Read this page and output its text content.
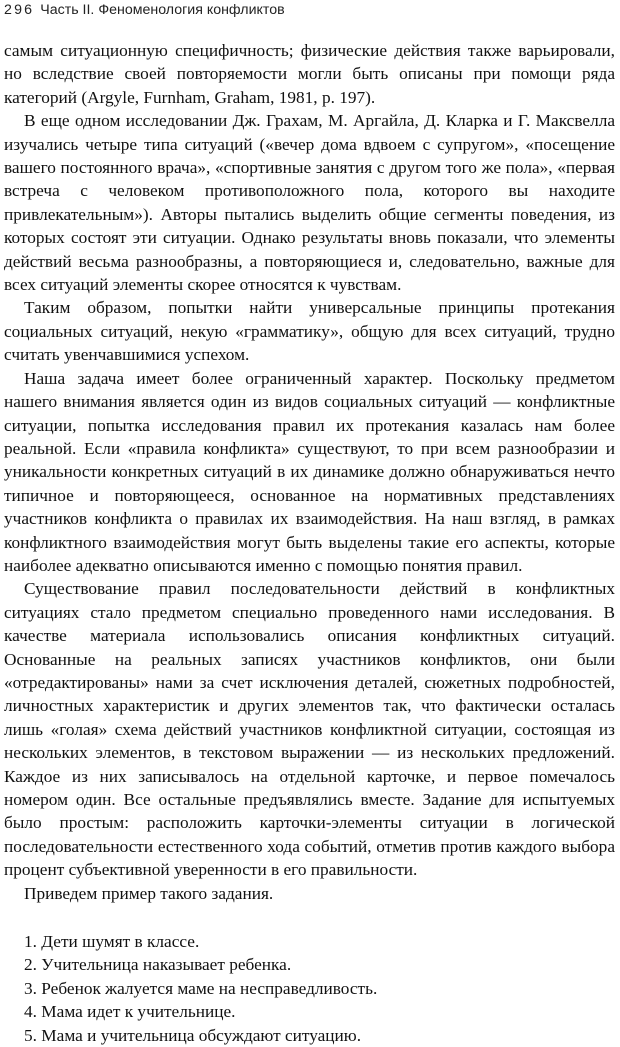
296 Часть II. Феноменология конфликтов

самым ситуационную специфичность; физические действия также варьировали, но вследствие своей повторяемости могли быть описаны при помощи ряда категорий (Argyle, Furnham, Graham, 1981, p. 197).

В еще одном исследовании Дж. Грахам, М. Аргайла, Д. Кларка и Г. Максвелла изучались четыре типа ситуаций («вечер дома вдвоем с супругом», «посещение вашего постоянного врача», «спортивные занятия с другом того же пола», «первая встреча с человеком противоположного пола, которого вы находите привлекательным»). Авторы пытались выделить общие сегменты поведения, из которых состоят эти ситуации. Однако результаты вновь показали, что элементы действий весьма разнообразны, а повторяющиеся и, следовательно, важные для всех ситуаций элементы скорее относятся к чувствам.

Таким образом, попытки найти универсальные принципы протекания социальных ситуаций, некую «грамматику», общую для всех ситуаций, трудно считать увенчавшимися успехом.

Наша задача имеет более ограниченный характер. Поскольку предметом нашего внимания является один из видов социальных ситуаций — конфликтные ситуации, попытка исследования правил их протекания казалась нам более реальной. Если «правила конфликта» существуют, то при всем разнообразии и уникальности конкретных ситуаций в их динамике должно обнаруживаться нечто типичное и повторяющееся, основанное на нормативных представлениях участников конфликта о правилах их взаимодействия. На наш взгляд, в рамках конфликтного взаимодействия могут быть выделены такие его аспекты, которые наиболее адекватно описываются именно с помощью понятия правил.

Существование правил последовательности действий в конфликтных ситуациях стало предметом специально проведенного нами исследования. В качестве материала использовались описания конфликтных ситуаций. Основанные на реальных записях участников конфликтов, они были «отредактированы» нами за счет исключения деталей, сюжетных подробностей, личностных характеристик и других элементов так, что фактически осталась лишь «голая» схема действий участников конфликтной ситуации, состоящая из нескольких элементов, в текстовом выражении — из нескольких предложений. Каждое из них записывалось на отдельной карточке, и первое помечалось номером один. Все остальные предъявлялись вместе. Задание для испытуемых было простым: расположить карточки-элементы ситуации в логической последовательности естественного хода событий, отметив против каждого выбора процент субъективной уверенности в его правильности.

Приведем пример такого задания.

1. Дети шумят в классе.
2. Учительница наказывает ребенка.
3. Ребенок жалуется маме на несправедливость.
4. Мама идет к учительнице.
5. Мама и учительница обсуждают ситуацию.
